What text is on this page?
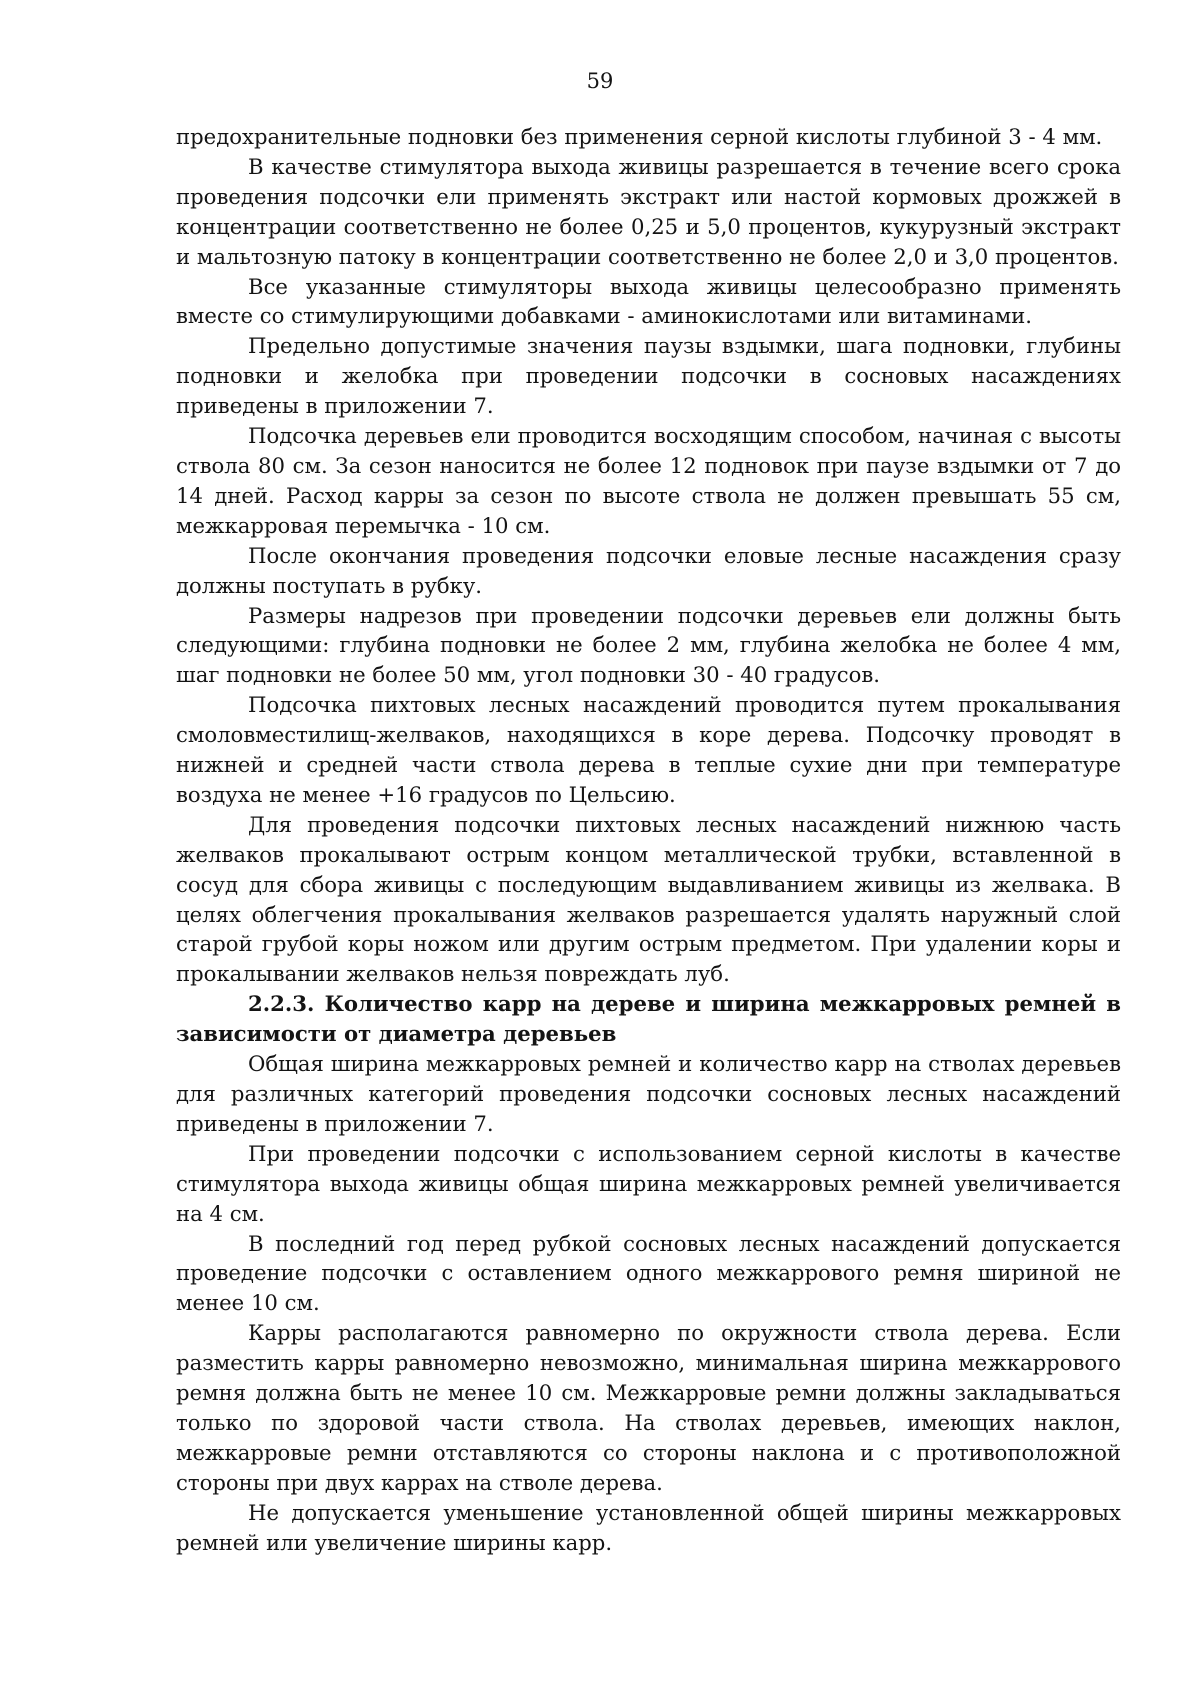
59

предохранительные подновки без применения серной кислоты глубиной 3 - 4 мм.

В качестве стимулятора выхода живицы разрешается в течение всего срока проведения подсочки ели применять экстракт или настой кормовых дрожжей в концентрации соответственно не более 0,25 и 5,0 процентов, кукурузный экстракт и мальтозную патоку в концентрации соответственно не более 2,0 и 3,0 процентов.

Все указанные стимуляторы выхода живицы целесообразно применять вместе со стимулирующими добавками - аминокислотами или витаминами.

Предельно допустимые значения паузы вздымки, шага подновки, глубины подновки и желобка при проведении подсочки в сосновых насаждениях приведены в приложении 7.

Подсочка деревьев ели проводится восходящим способом, начиная с высоты ствола 80 см. За сезон наносится не более 12 подновок при паузе вздымки от 7 до 14 дней. Расход карры за сезон по высоте ствола не должен превышать 55 см, межкарровая перемычка - 10 см.

После окончания проведения подсочки еловые лесные насаждения сразу должны поступать в рубку.

Размеры надрезов при проведении подсочки деревьев ели должны быть следующими: глубина подновки не более 2 мм, глубина желобка не более 4 мм, шаг подновки не более 50 мм, угол подновки 30 - 40 градусов.

Подсочка пихтовых лесных насаждений проводится путем прокалывания смоловместилищ-желваков, находящихся в коре дерева. Подсочку проводят в нижней и средней части ствола дерева в теплые сухие дни при температуре воздуха не менее +16 градусов по Цельсию.

Для проведения подсочки пихтовых лесных насаждений нижнюю часть желваков прокалывают острым концом металлической трубки, вставленной в сосуд для сбора живицы с последующим выдавливанием живицы из желвака. В целях облегчения прокалывания желваков разрешается удалять наружный слой старой грубой коры ножом или другим острым предметом. При удалении коры и прокалывании желваков нельзя повреждать луб.

2.2.3. Количество карр на дереве и ширина межкарровых ремней в зависимости от диаметра деревьев

Общая ширина межкарровых ремней и количество карр на стволах деревьев для различных категорий проведения подсочки сосновых лесных насаждений приведены в приложении 7.

При проведении подсочки с использованием серной кислоты в качестве стимулятора выхода живицы общая ширина межкарровых ремней увеличивается на 4 см.

В последний год перед рубкой сосновых лесных насаждений допускается проведение подсочки с оставлением одного межкаррового ремня шириной не менее 10 см.

Карры располагаются равномерно по окружности ствола дерева. Если разместить карры равномерно невозможно, минимальная ширина межкаррового ремня должна быть не менее 10 см. Межкарровые ремни должны закладываться только по здоровой части ствола. На стволах деревьев, имеющих наклон, межкарровые ремни отставляются со стороны наклона и с противоположной стороны при двух каррах на стволе дерева.

Не допускается уменьшение установленной общей ширины межкарровых ремней или увеличение ширины карр.
